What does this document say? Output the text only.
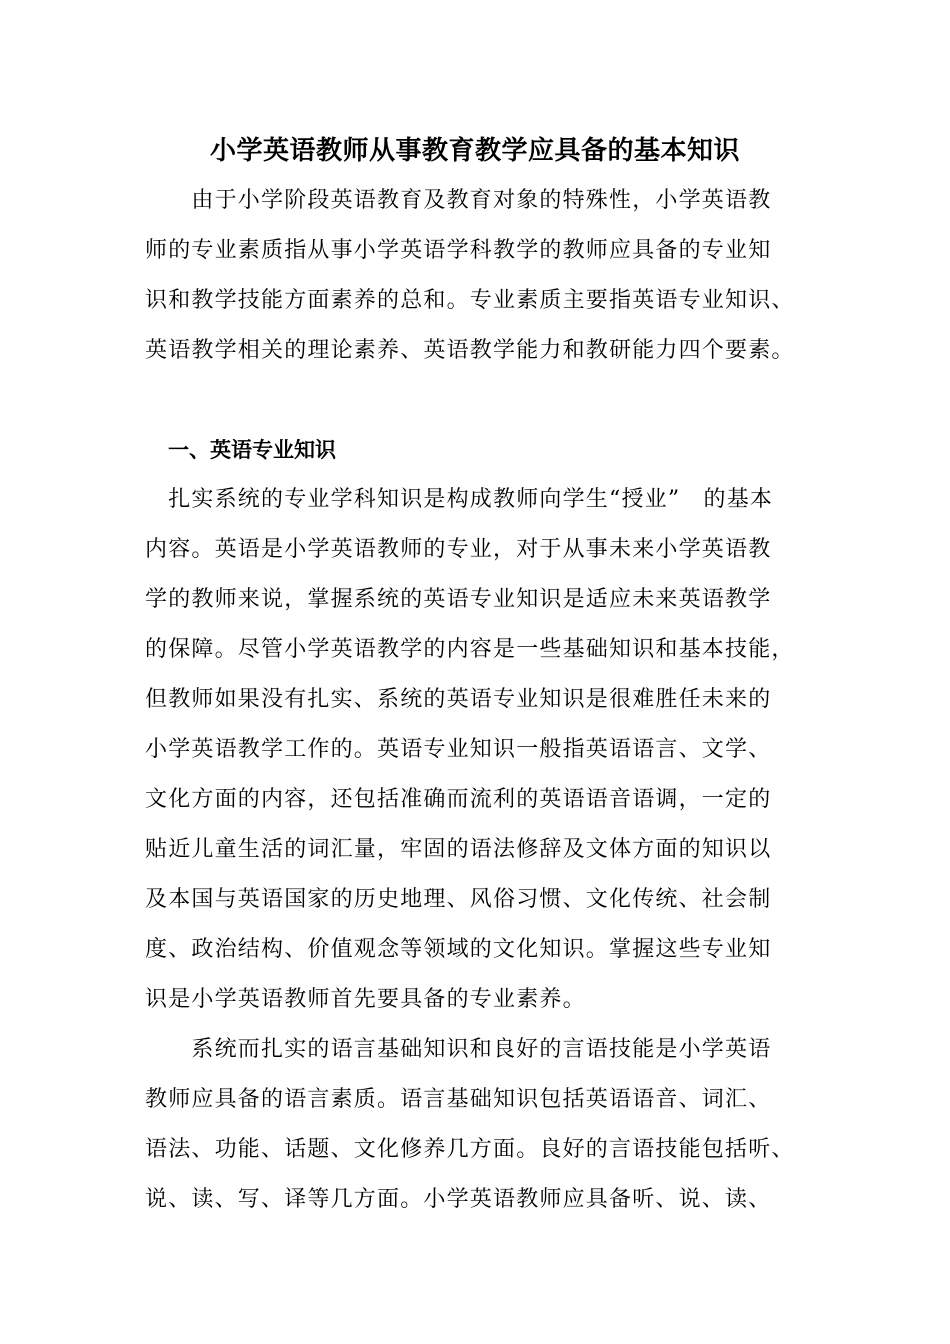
小学英语教师从事教育教学应具备的基本知识
　　由于小学阶段英语教育及教育对象的特殊性，小学英语教
师的专业素质指从事小学英语学科教学的教师应具备的专业知
识和教学技能方面素养的总和。专业素质主要指英语专业知识、
英语教学相关的理论素养、英语教学能力和教研能力四个要素。
一、英语专业知识
　扎实系统的专业学科知识是构成教师向学生“授业”　的基本
内容。英语是小学英语教师的专业，对于从事未来小学英语教
学的教师来说，掌握系统的英语专业知识是适应未来英语教学
的保障。尽管小学英语教学的内容是一些基础知识和基本技能，
但教师如果没有扎实、系统的英语专业知识是很难胜任未来的
小学英语教学工作的。英语专业知识一般指英语语言、文学、
文化方面的内容，还包括准确而流利的英语语音语调，一定的
贴近儿童生活的词汇量，牢固的语法修辞及文体方面的知识以
及本国与英语国家的历史地理、风俗习惯、文化传统、社会制
度、政治结构、价值观念等领域的文化知识。掌握这些专业知
识是小学英语教师首先要具备的专业素养。
　　系统而扎实的语言基础知识和良好的言语技能是小学英语
教师应具备的语言素质。语言基础知识包括英语语音、词汇、
语法、功能、话题、文化修养几方面。良好的言语技能包括听、
说、读、写、译等几方面。小学英语教师应具备听、说、读、
